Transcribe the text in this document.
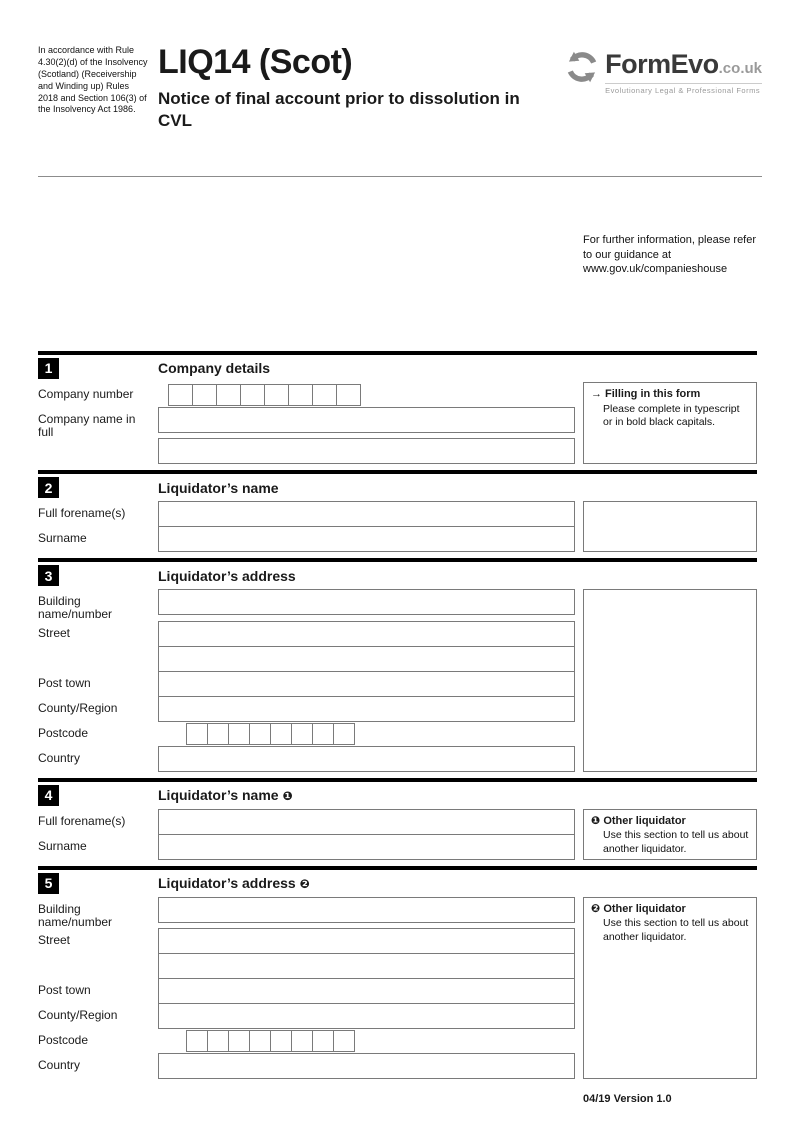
In accordance with Rule 4.30(2)(d) of the Insolvency (Scotland) (Receivership and Winding up) Rules 2018 and Section 106(3) of the Insolvency Act 1986.
LIQ14 (Scot)
Notice of final account prior to dissolution in CVL
FormEvo.co.uk
Evolutionary Legal & Professional Forms
For further information, please refer to our guidance at www.gov.uk/companieshouse
1	Company details
Company number
Company name in full
→ Filling in this form
Please complete in typescript or in bold black capitals.
2	Liquidator’s name
Full forename(s)
Surname
3	Liquidator’s address
Building name/number
Street
Post town
County/Region
Postcode
Country
4	Liquidator’s name ❶
Full forename(s)
Surname
❶ Other liquidator
Use this section to tell us about another liquidator.
5	Liquidator’s address ❷
Building name/number
Street
Post town
County/Region
Postcode
Country
❷ Other liquidator
Use this section to tell us about another liquidator.
04/19 Version 1.0
